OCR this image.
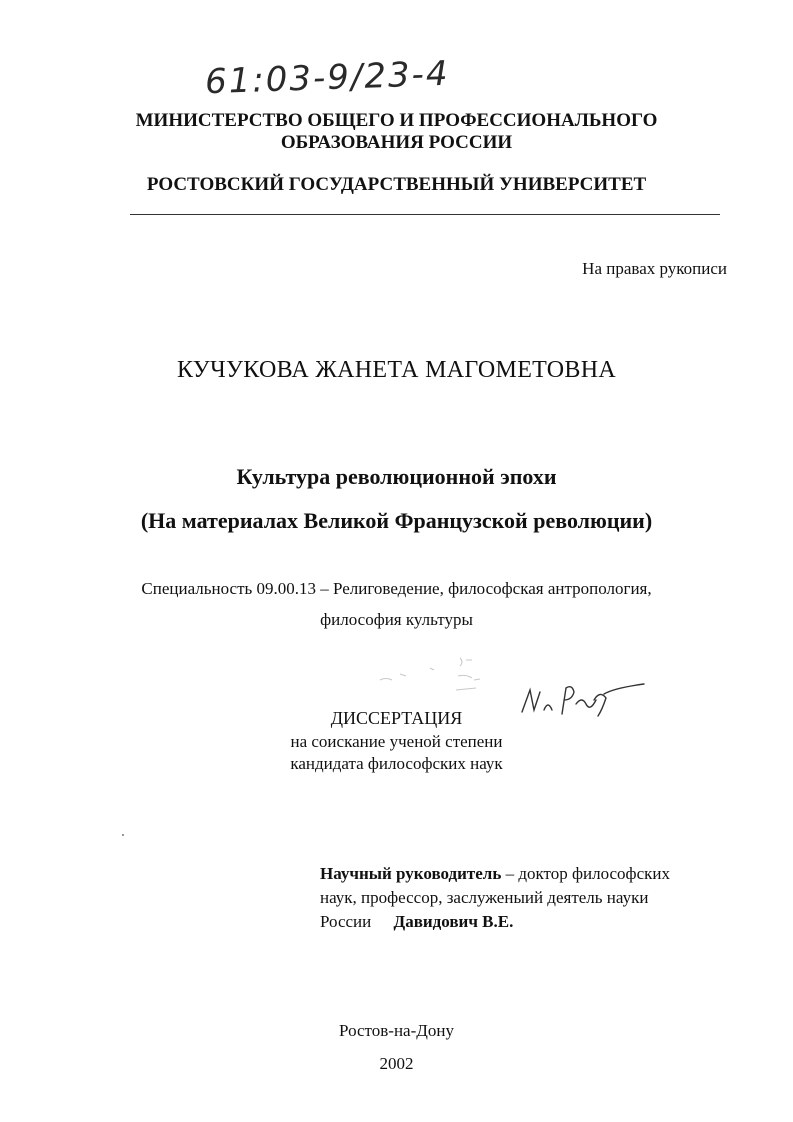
61:03-9/23-4
МИНИСТЕРСТВО ОБЩЕГО И ПРОФЕССИОНАЛЬНОГО
ОБРАЗОВАНИЯ РОССИИ
РОСТОВСКИЙ ГОСУДАРСТВЕННЫЙ УНИВЕРСИТЕТ
На правах рукописи
КУЧУКОВА ЖАНЕТА МАГОМЕТОВНА
Культура революционной эпохи
(На материалах Великой Французской революции)
Специальность 09.00.13 – Религоведение, философская антропология,
философия культуры
ДИССЕРТАЦИЯ
на соискание ученой степени
кандидата философских наук
Научный руководитель – доктор философских
наук, профессор, заслуженыий деятель науки
России Давидович В.Е.
Ростов-на-Дону
2002
